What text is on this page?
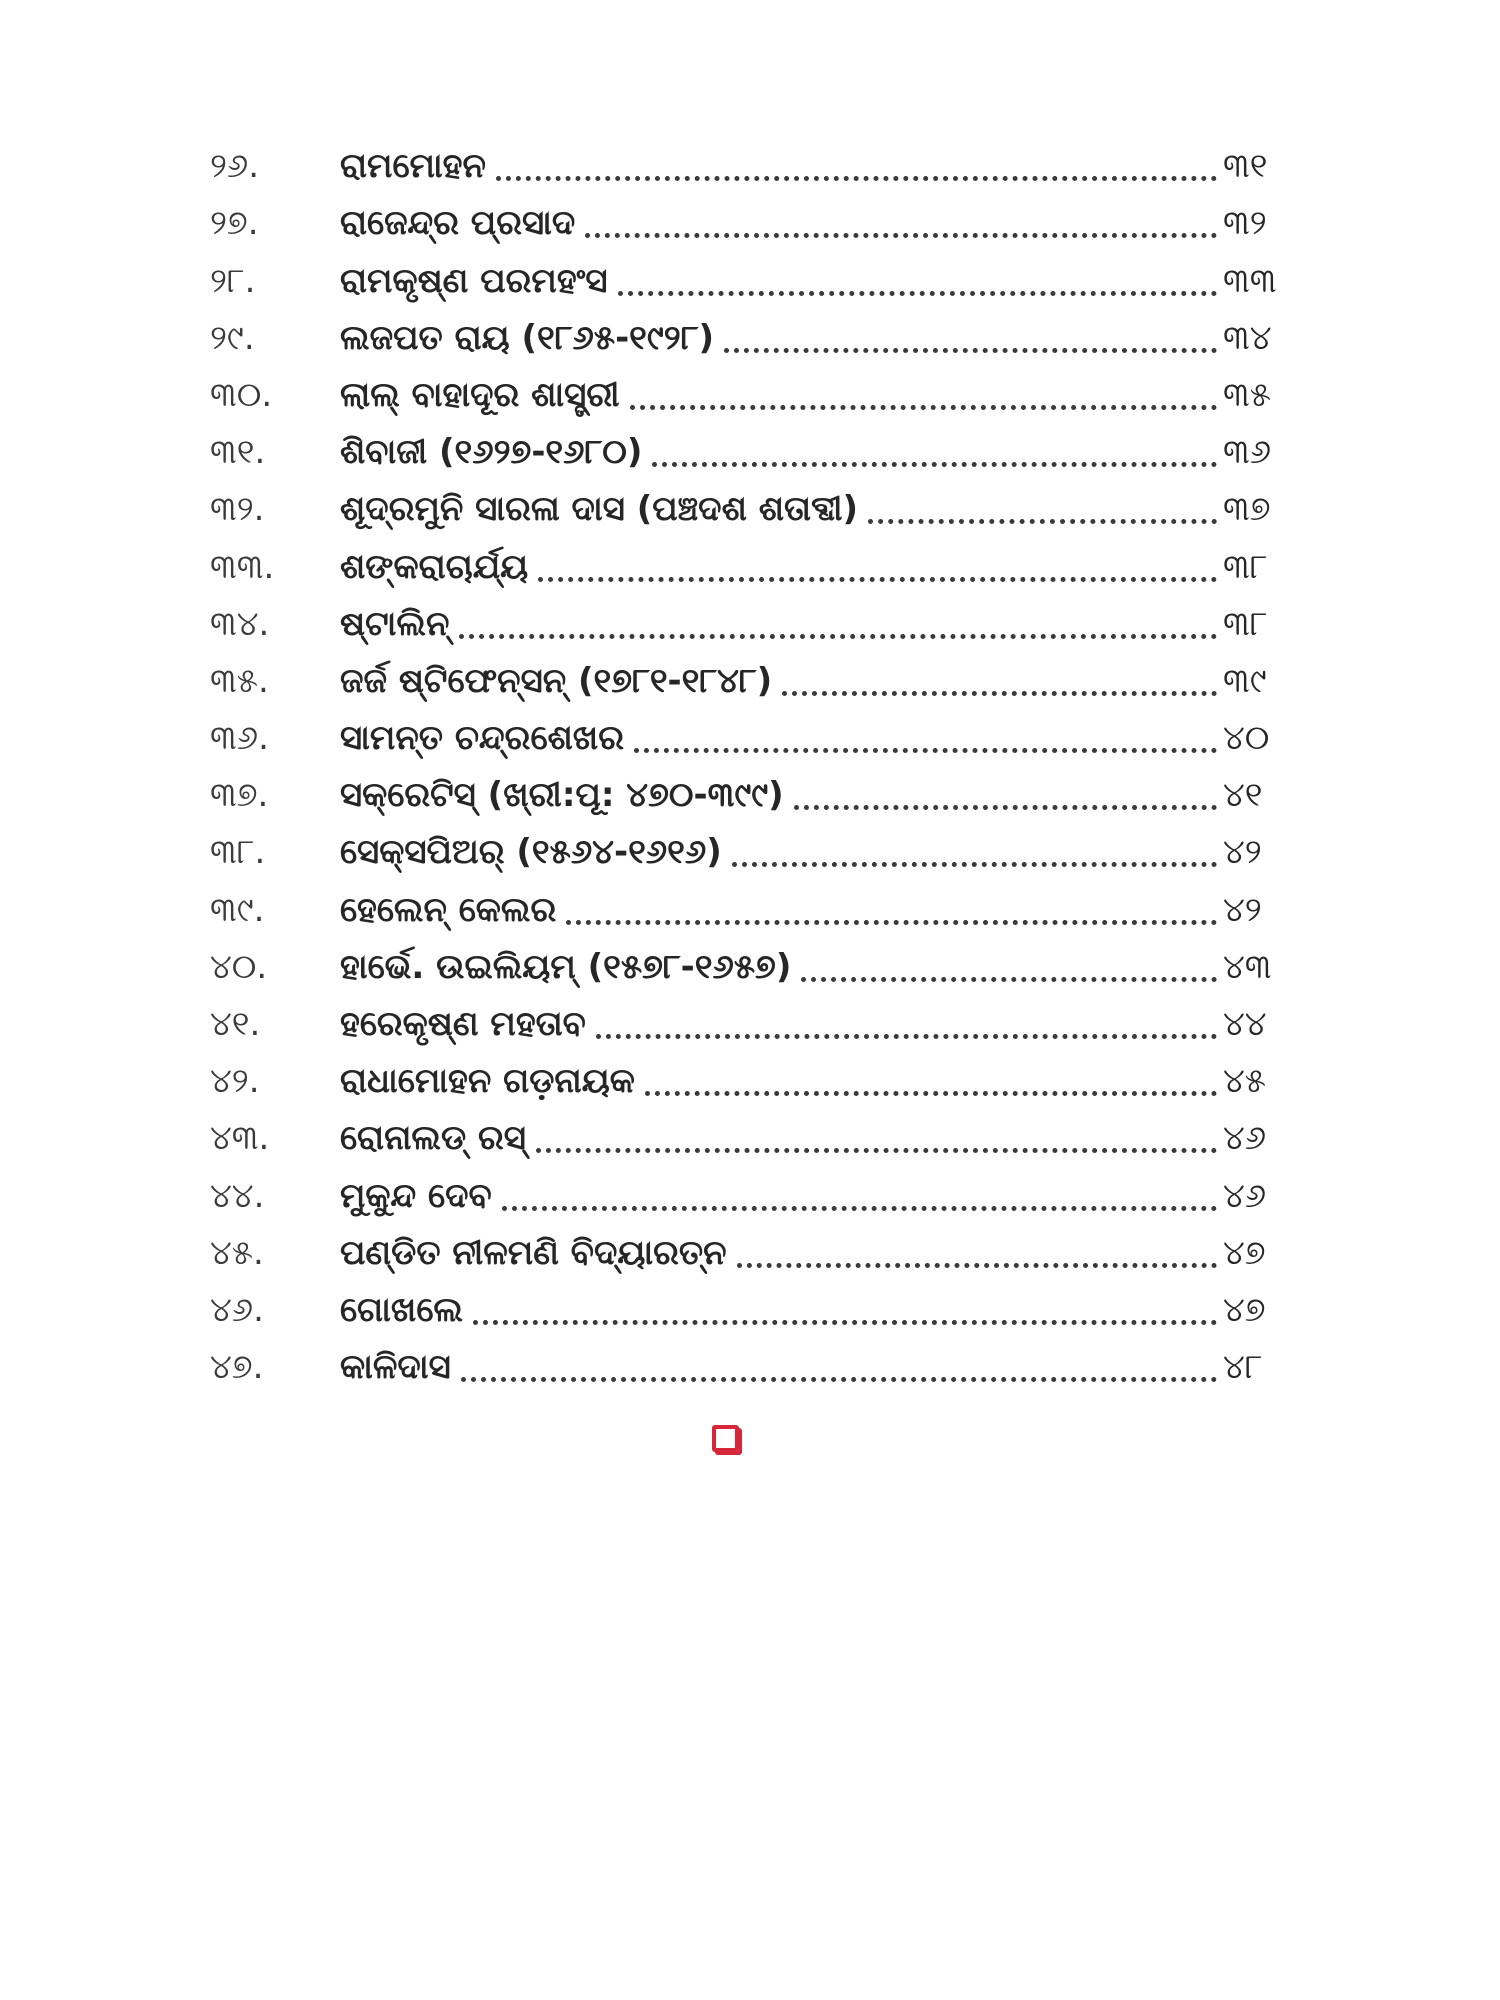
୨୬.	ରାମମୋହନ	୩୧
୨୭.	ରାଜେନ୍ଦ୍ର ପ୍ରସାଦ	୩୨
୨୮.	ରାମକୃଷ୍ଣ ପରମହଂସ	୩୩
୨୯.	ଲଜପତ ରାୟ (୧୮୬୫-୧୯୨୮)	୩୪
୩୦.	ଲାଲ୍ ବାହାଦୂର ଶାସ୍ତ୍ରୀ	୩୫
୩୧.	ଶିବାଜୀ (୧୬୨୭-୧୬୮୦)	୩୬
୩୨.	ଶୂଦ୍ରମୁନି ସାରଳା ଦାସ (ପଞ୍ଚଦଶ ଶତାବ୍ଦୀ)	୩୭
୩୩.	ଶଙ୍କରାଚାର୍ଯ୍ୟ	୩୮
୩୪.	ଷ୍ଟାଲିନ୍	୩୮
୩୫.	ଜର୍ଜ ଷ୍ଟିଫେନ୍‌ସନ୍ (୧୭୮୧-୧୮୪୮)	୩୯
୩୬.	ସାମନ୍ତ ଚନ୍ଦ୍ରଶେଖର	୪୦
୩୭.	ସକ୍ରେଟିସ୍ (ଖ୍ରୀ:ପୂ: ୪୭୦-୩୯୯)	୪୧
୩୮.	ସେକ୍ସପିଅର୍ (୧୫୬୪-୧୬୧୬)	୪୨
୩୯.	ହେଲେନ୍ କେଲର	୪୨
୪୦.	ହାର୍ଭେ. ଉଇଲିୟମ୍ (୧୫୭୮-୧୬୫୭)	୪୩
୪୧.	ହରେକୃଷ୍ଣ ମହତାବ	୪୪
୪୨.	ରାଧାମୋହନ ଗଡ଼ନାୟକ	୪୫
୪୩.	ରୋନାଲଡ୍ ରସ୍	୪୬
୪୪.	ମୁକୁନ୍ଦ ଦେବ	୪୬
୪୫.	ପଣ୍ଡିତ ନୀଳମଣି ବିଦ୍ୟାରତ୍ନ	୪୭
୪୬.	ଗୋଖଲେ	୪୭
୪୭.	କାଳିଦାସ	୪୮
